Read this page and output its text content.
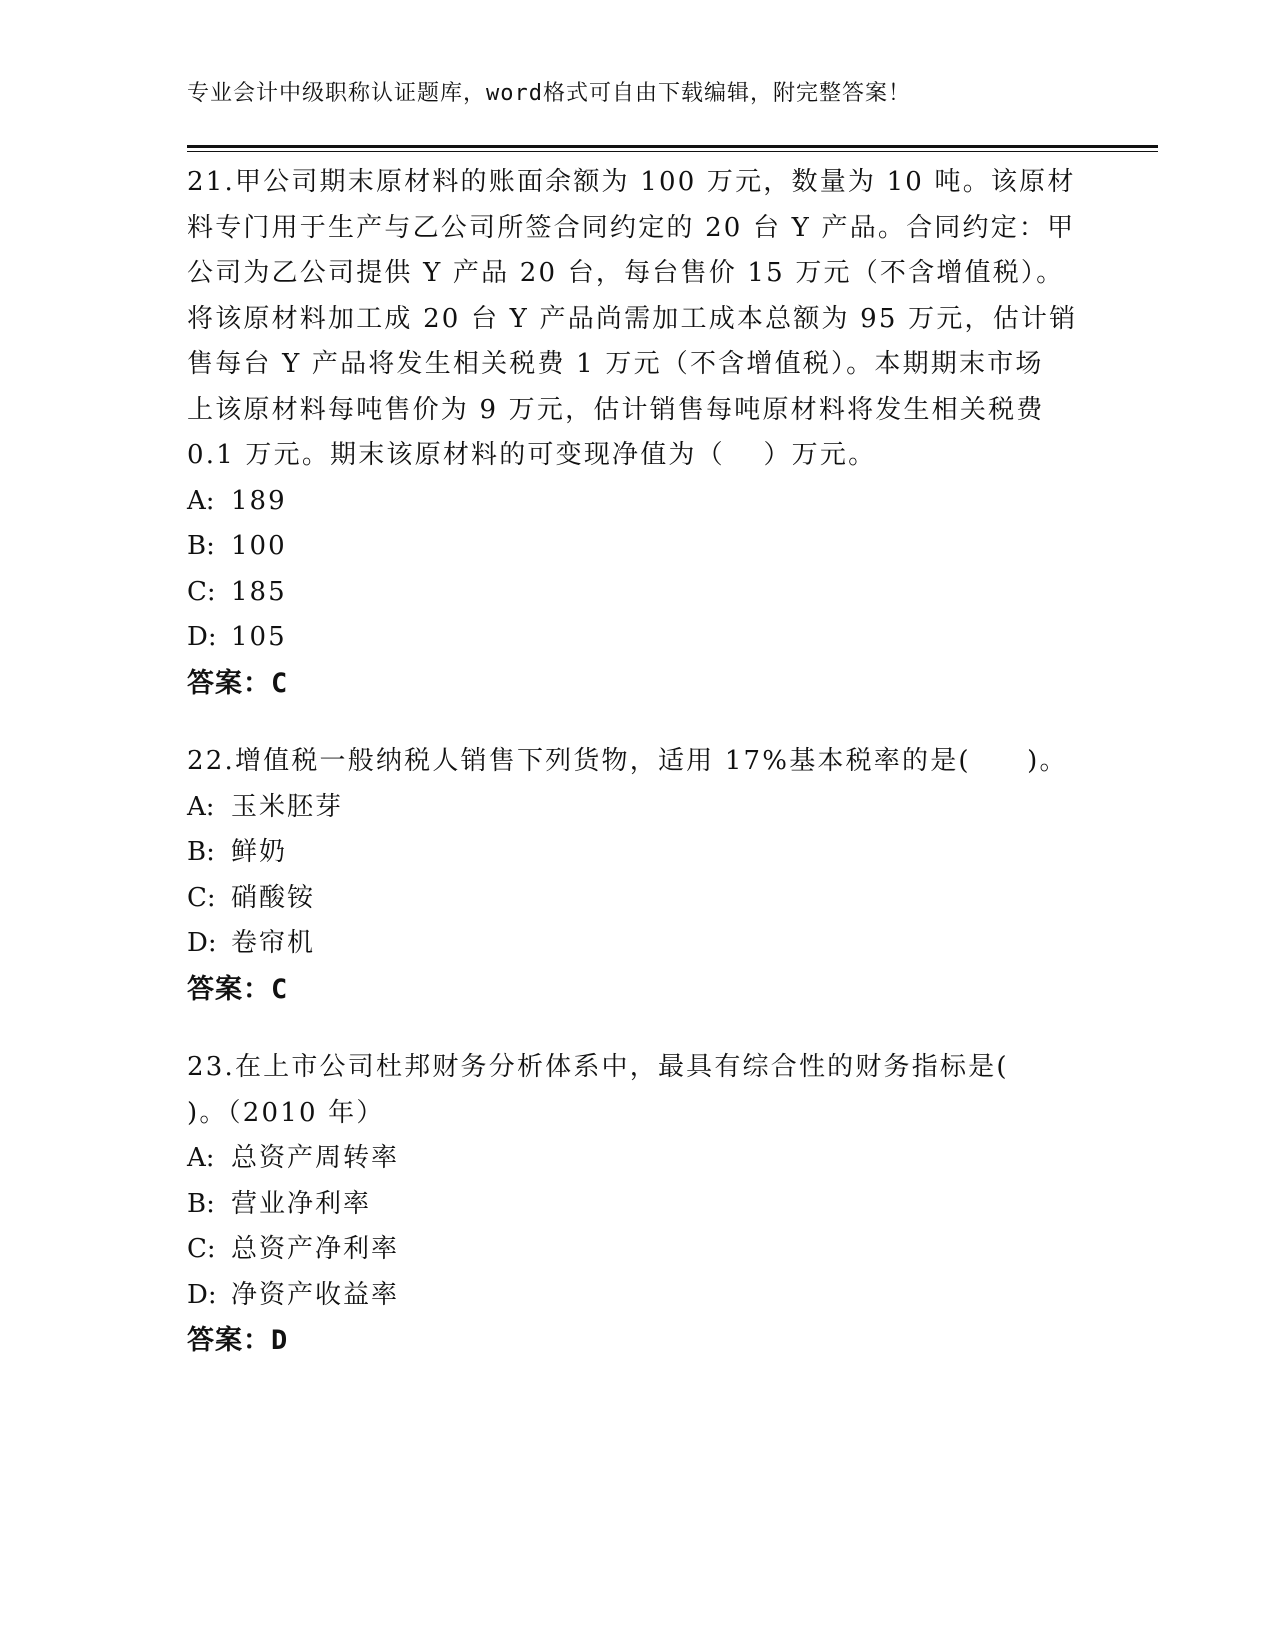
专业会计中级职称认证题库，word格式可自由下载编辑，附完整答案！
21.甲公司期末原材料的账面余额为 100 万元，数量为 10 吨。该原材
料专门用于生产与乙公司所签合同约定的 20 台 Y 产品。合同约定：甲
公司为乙公司提供 Y 产品 20 台，每台售价 15 万元（不含增值税）。
将该原材料加工成 20 台 Y 产品尚需加工成本总额为 95 万元，估计销
售每台 Y 产品将发生相关税费 1 万元（不含增值税）。本期期末市场
上该原材料每吨售价为 9 万元，估计销售每吨原材料将发生相关税费
0.1 万元。期末该原材料的可变现净值为（　 ）万元。
A: 189
B: 100
C: 185
D: 105
答案：C
22.增值税一般纳税人销售下列货物，适用 17%基本税率的是(　　)。
A: 玉米胚芽
B: 鲜奶
C: 硝酸铵
D: 卷帘机
答案：C
23.在上市公司杜邦财务分析体系中，最具有综合性的财务指标是(
)。（2010 年）
A: 总资产周转率
B: 营业净利率
C: 总资产净利率
D: 净资产收益率
答案：D
